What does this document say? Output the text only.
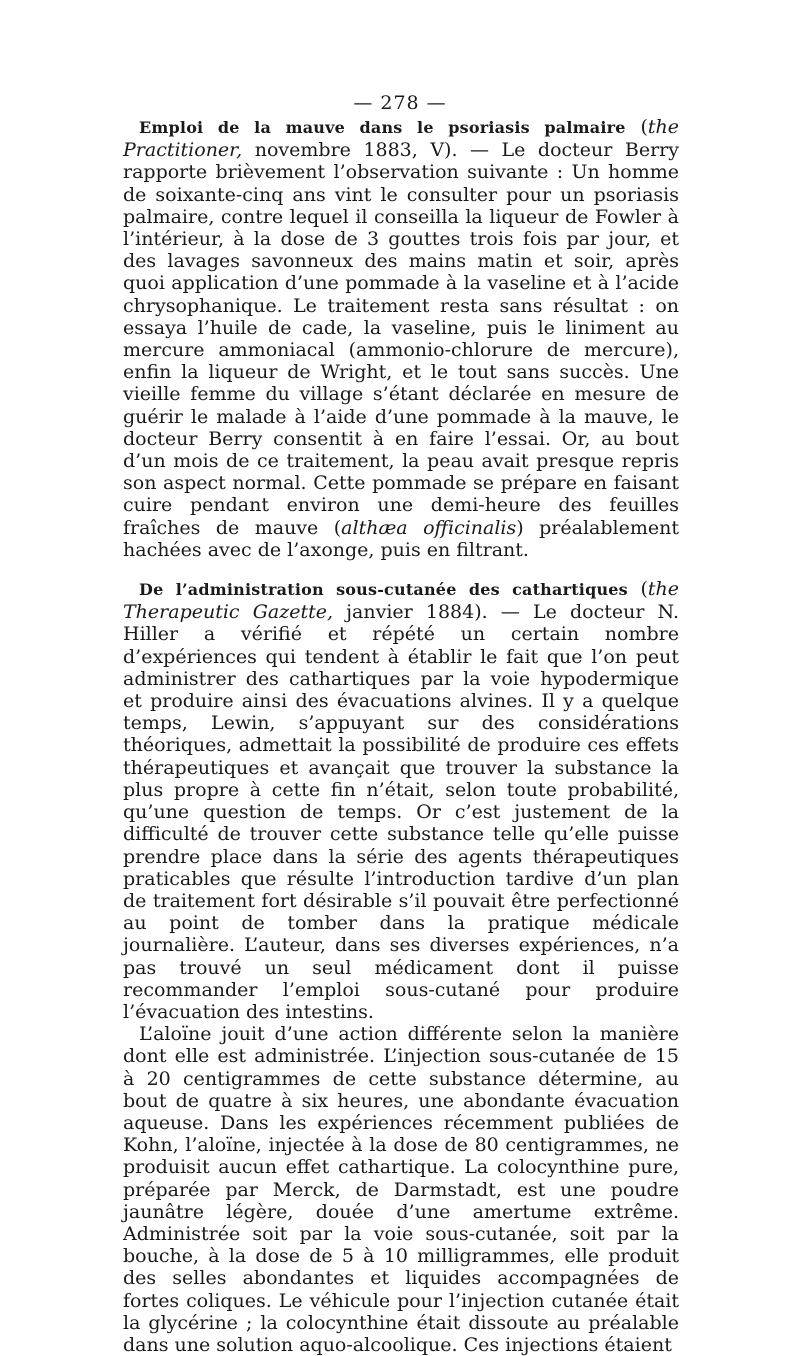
— 278 —

Emploi de la mauve dans le psoriasis palmaire (the Practitioner, novembre 1883, V). — Le docteur Berry rapporte brièvement l’observation suivante : Un homme de soixante-cinq ans vint le consulter pour un psoriasis palmaire, contre lequel il conseilla la liqueur de Fowler à l’intérieur, à la dose de 3 gouttes trois fois par jour, et des lavages savonneux des mains matin et soir, après quoi application d’une pommade à la vaseline et à l’acide chrysophanique. Le traitement resta sans résultat : on essaya l’huile de cade, la vaseline, puis le liniment au mercure ammoniacal (ammonio-chlorure de mercure), enfin la liqueur de Wright, et le tout sans succès. Une vieille femme du village s’étant déclarée en mesure de guérir le malade à l’aide d’une pommade à la mauve, le docteur Berry consentit à en faire l’essai. Or, au bout d’un mois de ce traitement, la peau avait presque repris son aspect normal. Cette pommade se prépare en faisant cuire pendant environ une demi-heure des feuilles fraîches de mauve (althæa officinalis) préalablement hachées avec de l’axonge, puis en filtrant.

De l’administration sous-cutanée des cathartiques (the Therapeutic Gazette, janvier 1884). — Le docteur N. Hiller a vérifié et répété un certain nombre d’expériences qui tendent à établir le fait que l’on peut administrer des cathartiques par la voie hypodermique et produire ainsi des évacuations alvines. Il y a quelque temps, Lewin, s’appuyant sur des considérations théoriques, admettait la possibilité de produire ces effets thérapeutiques et avançait que trouver la substance la plus propre à cette fin n’était, selon toute probabilité, qu’une question de temps. Or c’est justement de la difficulté de trouver cette substance telle qu’elle puisse prendre place dans la série des agents thérapeutiques praticables que résulte l’introduction tardive d’un plan de traitement fort désirable s’il pouvait être perfectionné au point de tomber dans la pratique médicale journalière. L’auteur, dans ses diverses expériences, n’a pas trouvé un seul médicament dont il puisse recommander l’emploi sous-cutané pour produire l’évacuation des intestins.

L’aloïne jouit d’une action différente selon la manière dont elle est administrée. L’injection sous-cutanée de 15 à 20 centigrammes de cette substance détermine, au bout de quatre à six heures, une abondante évacuation aqueuse. Dans les expériences récemment publiées de Kohn, l’aloïne, injectée à la dose de 80 centigrammes, ne produisit aucun effet cathartique. La colocynthine pure, préparée par Merck, de Darmstadt, est une poudre jaunâtre légère, douée d’une amertume extrême. Administrée soit par la voie sous-cutanée, soit par la bouche, à la dose de 5 à 10 milligrammes, elle produit des selles abondantes et liquides accompagnées de fortes coliques. Le véhicule pour l’injection cutanée était la glycérine ; la colocynthine était dissoute au préalable dans une solution aquo-alcoolique. Ces injections étaient
